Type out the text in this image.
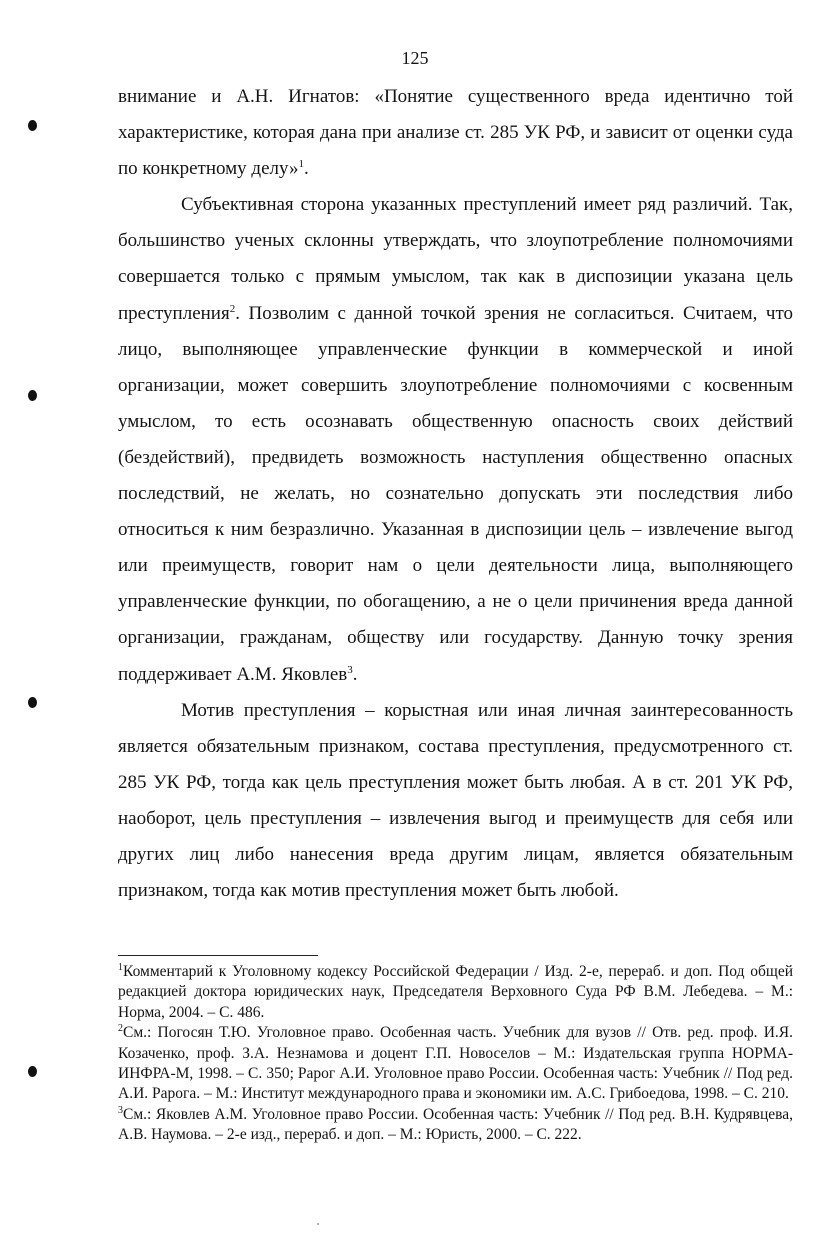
125

внимание и А.Н. Игнатов: «Понятие существенного вреда идентично той характеристике, которая дана при анализе ст. 285 УК РФ, и зависит от оценки суда по конкретному делу»$^1$.

Субъективная сторона указанных преступлений имеет ряд различий. Так, большинство ученых склонны утверждать, что злоупотребление полномочиями совершается только с прямым умыслом, так как в диспозиции указана цель преступления$^2$. Позволим с данной точкой зрения не согласиться. Считаем, что лицо, выполняющее управленческие функции в коммерческой и иной организации, может совершить злоупотребление полномочиями с косвенным умыслом, то есть осознавать общественную опасность своих действий (бездействий), предвидеть возможность наступления общественно опасных последствий, не желать, но сознательно допускать эти последствия либо относиться к ним безразлично. Указанная в диспозиции цель – извлечение выгод или преимуществ, говорит нам о цели деятельности лица, выполняющего управленческие функции, по обогащению, а не о цели причинения вреда данной организации, гражданам, обществу или государству. Данную точку зрения поддерживает А.М. Яковлев$^3$.

Мотив преступления – корыстная или иная личная заинтересованность является обязательным признаком, состава преступления, предусмотренного ст. 285 УК РФ, тогда как цель преступления может быть любая. А в ст. 201 УК РФ, наоборот, цель преступления – извлечения выгод и преимуществ для себя или других лиц либо нанесения вреда другим лицам, является обязательным признаком, тогда как мотив преступления может быть любой.

$^1$Комментарий к Уголовному кодексу Российской Федерации / Изд. 2-е, перераб. и доп. Под общей редакцией доктора юридических наук, Председателя Верховного Суда РФ В.М. Лебедева. – М.: Норма, 2004. – С. 486.

$^2$См.: Погосян Т.Ю. Уголовное право. Особенная часть. Учебник для вузов // Отв. ред. проф. И.Я. Козаченко, проф. З.А. Незнамова и доцент Г.П. Новоселов – М.: Издательская группа НОРМА-ИНФРА-М, 1998. – С. 350; Рарог А.И. Уголовное право России. Особенная часть: Учебник // Под ред. А.И. Рарога. – М.: Институт международного права и экономики им. А.С. Грибоедова, 1998. – С. 210.

$^3$См.: Яковлев А.М. Уголовное право России. Особенная часть: Учебник // Под ред. В.Н. Кудрявцева, А.В. Наумова. – 2-е изд., перераб. и доп. – М.: Юристь, 2000. – С. 222.
